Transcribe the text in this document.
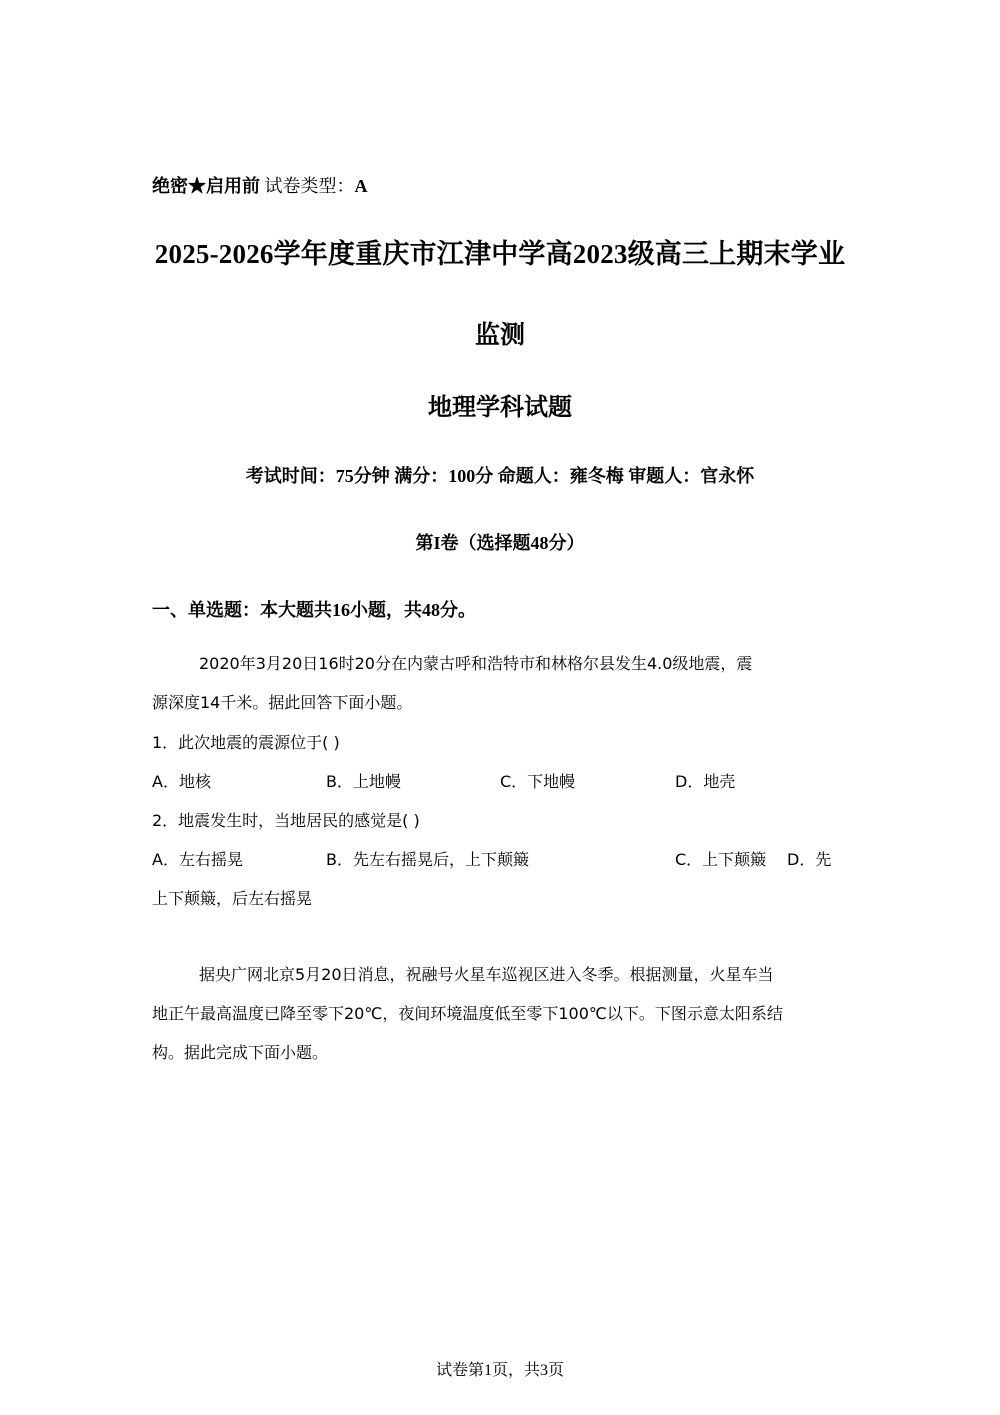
绝密★启用前 试卷类型：A
2025-2026学年度重庆市江津中学高2023级高三上期末学业
监测
地理学科试题
考试时间：75分钟 满分：100分 命题人：雍冬梅 审题人：官永怀
第I卷（选择题48分）
一、单选题：本大题共16小题，共48分。
2020年3月20日16时20分在内蒙古呼和浩特市和林格尔县发生4.0级地震，震
源深度14千米。据此回答下面小题。
1．此次地震的震源位于( )
A．地核	B．上地幔	C．下地幔	D．地壳
2．地震发生时，当地居民的感觉是( )
A．左右摇晃	B．先左右摇晃后，上下颠簸	C．上下颠簸 D．先
上下颠簸，后左右摇晃
据央广网北京5月20日消息，祝融号火星车巡视区进入冬季。根据测量，火星车当
地正午最高温度已降至零下20℃，夜间环境温度低至零下100℃以下。下图示意太阳系结
构。据此完成下面小题。
试卷第1页，共3页
